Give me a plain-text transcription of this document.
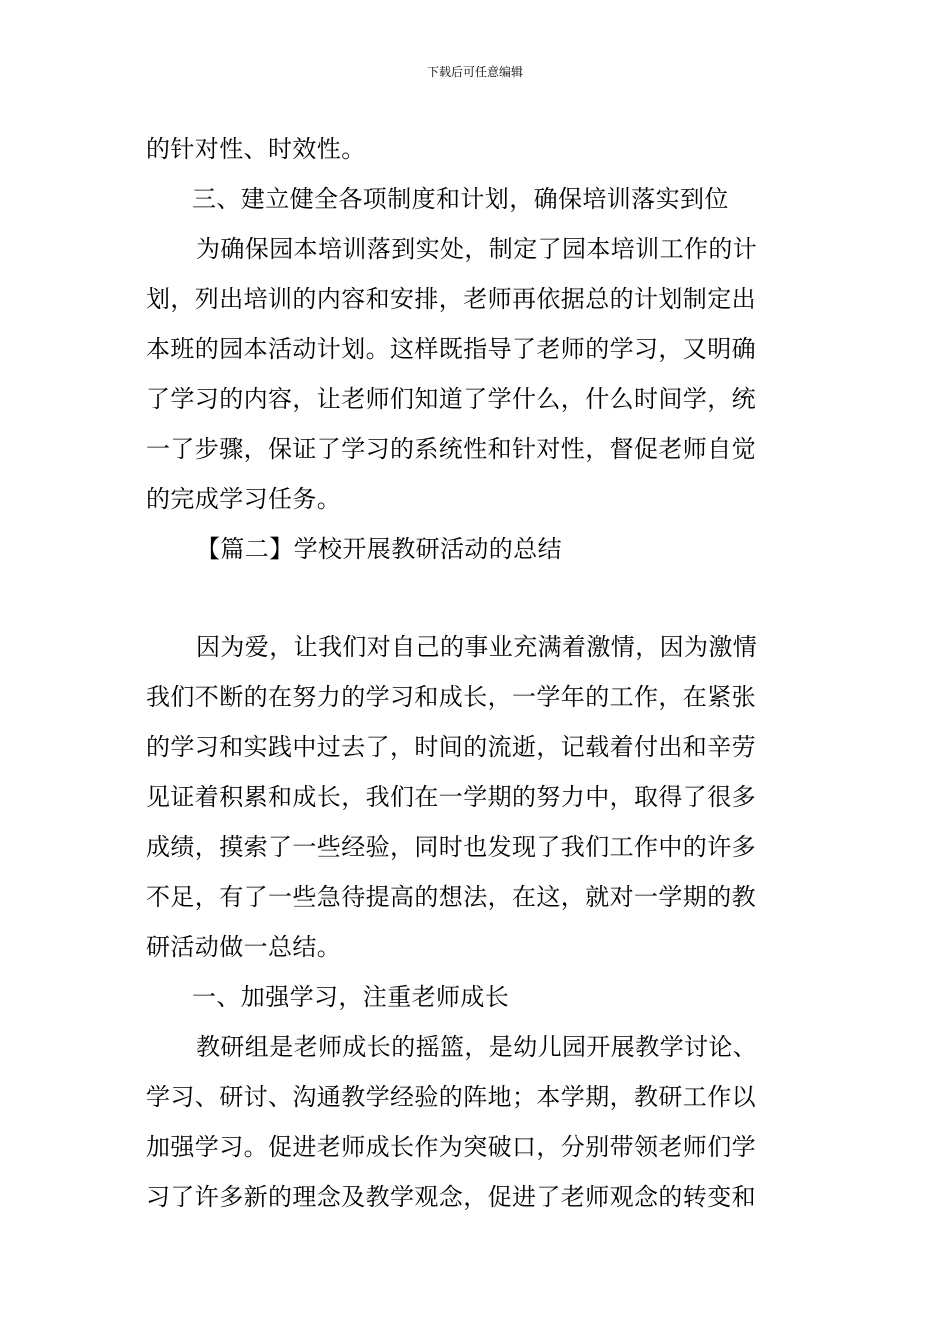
下载后可任意编辑
的针对性、时效性。
三、建立健全各项制度和计划，确保培训落实到位
为确保园本培训落到实处，制定了园本培训工作的计
划，列出培训的内容和安排，老师再依据总的计划制定出
本班的园本活动计划。这样既指导了老师的学习，又明确
了学习的内容，让老师们知道了学什么，什么时间学，统
一了步骤，保证了学习的系统性和针对性，督促老师自觉
的完成学习任务。
【篇二】学校开展教研活动的总结
因为爱，让我们对自己的事业充满着激情，因为激情
我们不断的在努力的学习和成长，一学年的工作，在紧张
的学习和实践中过去了，时间的流逝，记载着付出和辛劳
见证着积累和成长，我们在一学期的努力中，取得了很多
成绩，摸索了一些经验，同时也发现了我们工作中的许多
不足，有了一些急待提高的想法，在这，就对一学期的教
研活动做一总结。
一、加强学习，注重老师成长
教研组是老师成长的摇篮，是幼儿园开展教学讨论、
学习、研讨、沟通教学经验的阵地；本学期，教研工作以
加强学习。促进老师成长作为突破口，分别带领老师们学
习了许多新的理念及教学观念，促进了老师观念的转变和
